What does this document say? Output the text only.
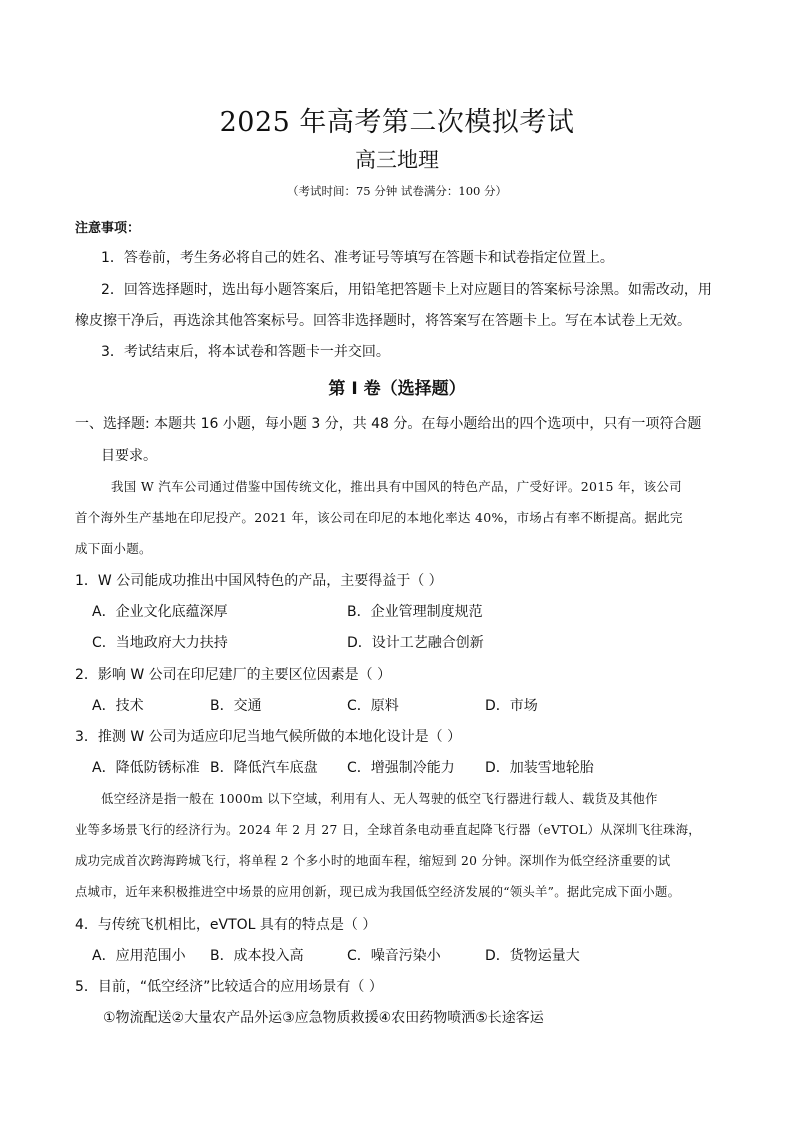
2025 年高考第二次模拟考试
高三地理
（考试时间：75 分钟 试卷满分：100 分）
注意事项：
1．答卷前，考生务必将自己的姓名、准考证号等填写在答题卡和试卷指定位置上。
2．回答选择题时，选出每小题答案后，用铅笔把答题卡上对应题目的答案标号涂黑。如需改动，用
橡皮擦干净后，再选涂其他答案标号。回答非选择题时，将答案写在答题卡上。写在本试卷上无效。
3．考试结束后，将本试卷和答题卡一并交回。
第 I 卷（选择题）
一、选择题: 本题共 16 小题，每小题 3 分，共 48 分。在每小题给出的四个选项中，只有一项符合题
目要求。
我国 W 汽车公司通过借鉴中国传统文化，推出具有中国风的特色产品，广受好评。2015 年，该公司
首个海外生产基地在印尼投产。2021 年，该公司在印尼的本地化率达 40%，市场占有率不断提高。据此完
成下面小题。
1．W 公司能成功推出中国风特色的产品，主要得益于（ ）
A．企业文化底蕴深厚	B．企业管理制度规范
C．当地政府大力扶持	D．设计工艺融合创新
2．影响 W 公司在印尼建厂的主要区位因素是（ ）
A．技术	B．交通	C．原料	D．市场
3．推测 W 公司为适应印尼当地气候所做的本地化设计是（ ）
A．降低防锈标准 B．降低汽车底盘 C．增强制冷能力 D．加装雪地轮胎
低空经济是指一般在 1000m 以下空域，利用有人、无人驾驶的低空飞行器进行载人、载货及其他作
业等多场景飞行的经济行为。2024 年 2 月 27 日，全球首条电动垂直起降飞行器（eVTOL）从深圳飞往珠海，
成功完成首次跨海跨城飞行，将单程 2 个多小时的地面车程，缩短到 20 分钟。深圳作为低空经济重要的试
点城市，近年来积极推进空中场景的应用创新，现已成为我国低空经济发展的“领头羊”。据此完成下面小题。
4．与传统飞机相比，eVTOL 具有的特点是（ ）
A．应用范围小 B．成本投入高	C．噪音污染小	D．货物运量大
5．目前，“低空经济”比较适合的应用场景有（ ）
①物流配送②大量农产品外运③应急物质救援④农田药物喷洒⑤长途客运
